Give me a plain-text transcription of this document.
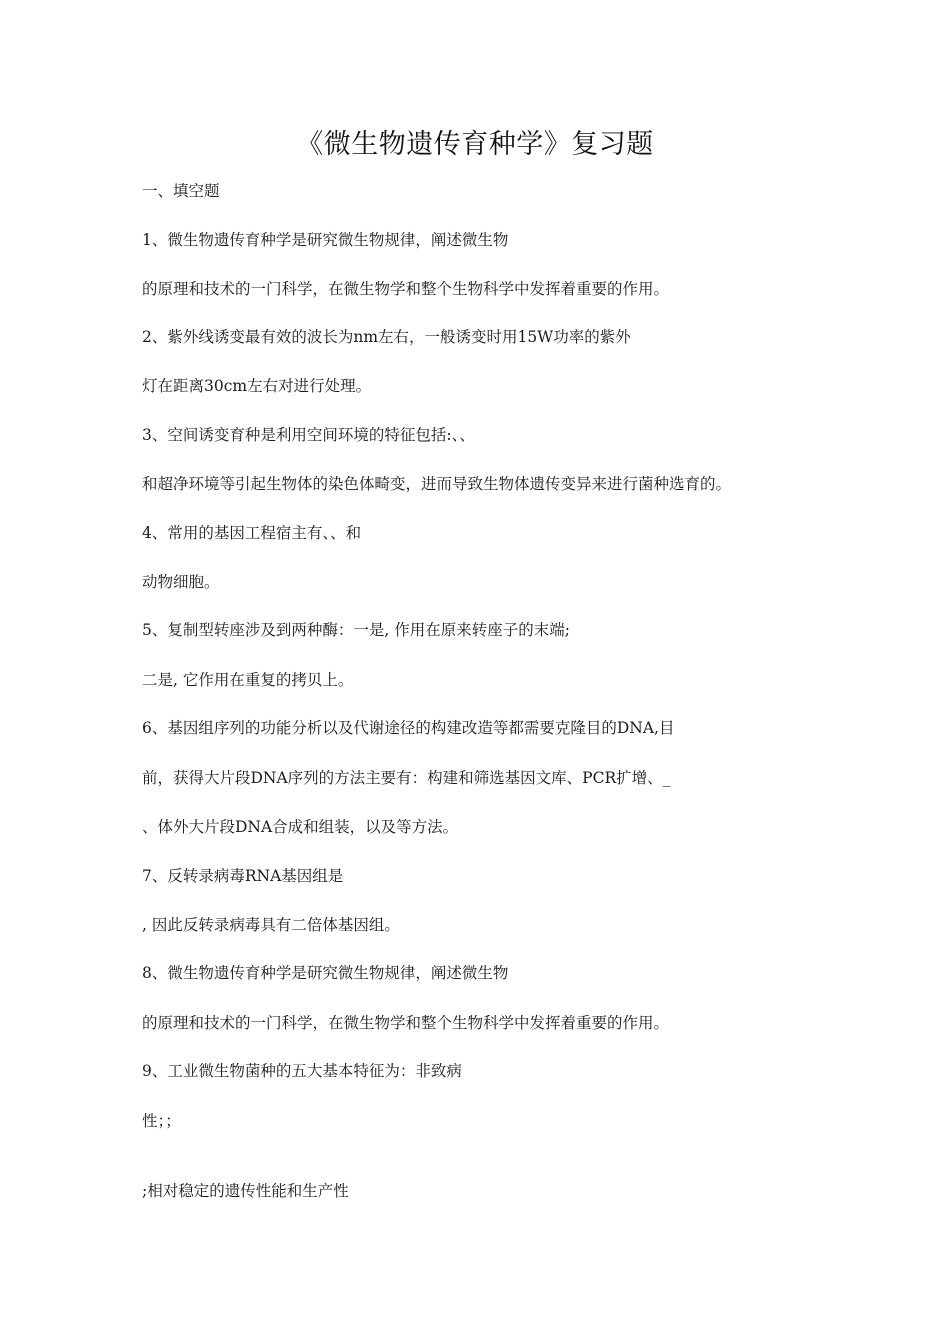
《微生物遗传育种学》复习题

一、填空题

1、微生物遗传育种学是研究微生物规律，阐述微生物

的原理和技术的一门科学，在微生物学和整个生物科学中发挥着重要的作用。

2、紫外线诱变最有效的波长为nm左右，一般诱变时用15W功率的紫外

灯在距离30cm左右对进行处理。

3、空间诱变育种是利用空间环境的特征包括:、、

和超净环境等引起生物体的染色体畸变，进而导致生物体遗传变异来进行菌种选育的。

4、常用的基因工程宿主有、、和

动物细胞。

5、复制型转座涉及到两种酶：一是, 作用在原来转座子的末端;

二是, 它作用在重复的拷贝上。

6、基因组序列的功能分析以及代谢途径的构建改造等都需要克隆目的DNA,目

前，获得大片段DNA序列的方法主要有：构建和筛选基因文库、PCR扩增、_

、体外大片段DNA合成和组装，以及等方法。

7、反转录病毒RNA基因组是

, 因此反转录病毒具有二倍体基因组。

8、微生物遗传育种学是研究微生物规律，阐述微生物

的原理和技术的一门科学，在微生物学和整个生物科学中发挥着重要的作用。

9、工业微生物菌种的五大基本特征为：非致病

性；；

;相对稳定的遗传性能和生产性
